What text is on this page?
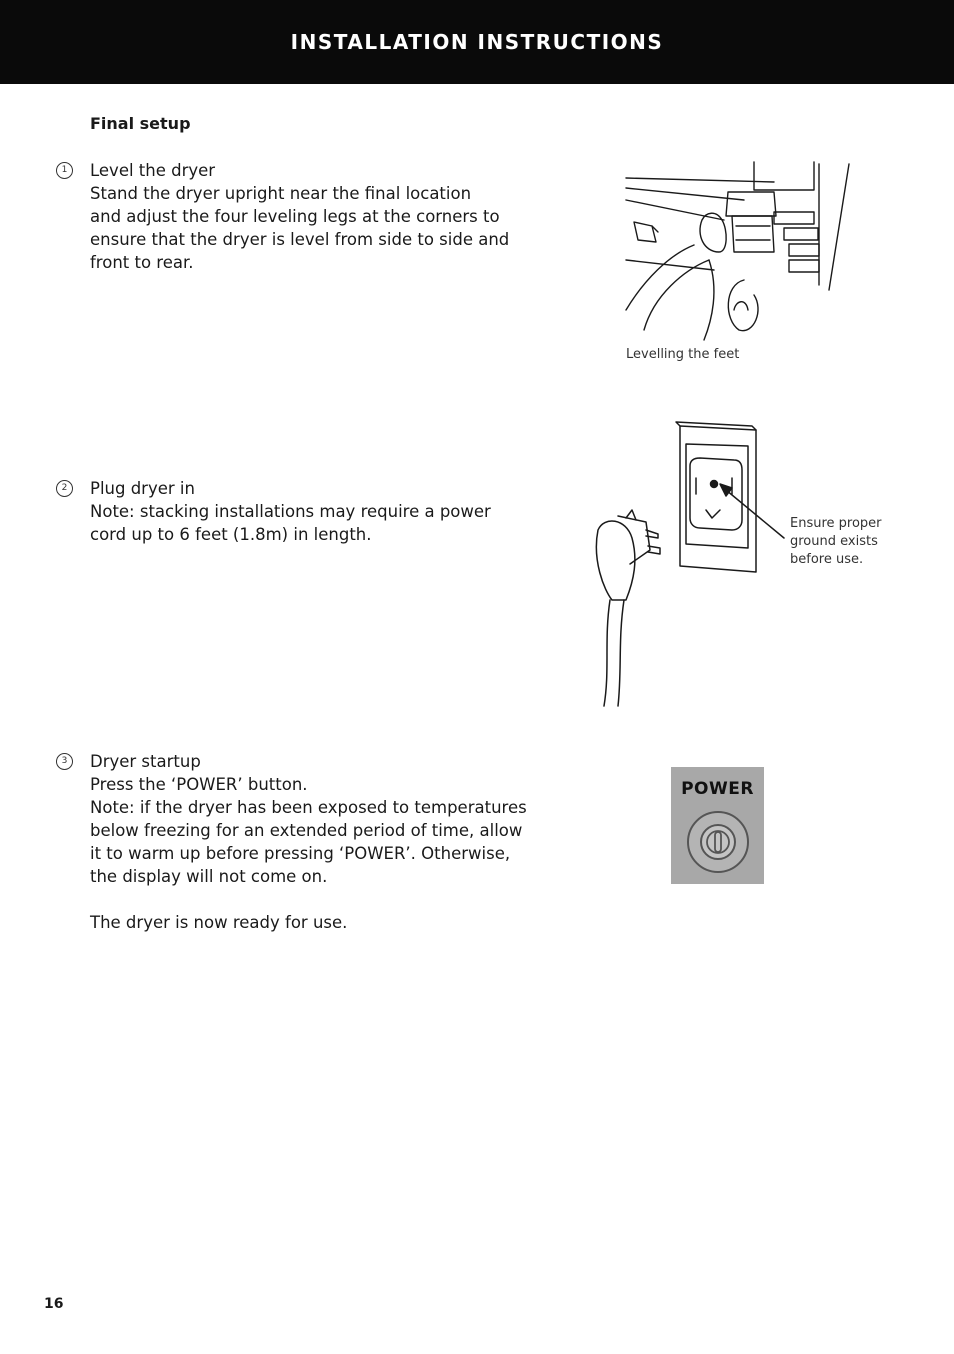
INSTALLATION INSTRUCTIONS
Final setup
1	Level the dryer
Stand the dryer upright near the final location
and adjust the four leveling legs at the corners to
ensure that the dryer is level from side to side and
front to rear.
2	Plug dryer in
Note: stacking installations may require a power
cord up to 6 feet (1.8m) in length.
3	Dryer startup
Press the ‘POWER’ button.
Note: if the dryer has been exposed to temperatures
below freezing for an extended period of time, allow
it to warm up before pressing ‘POWER’. Otherwise,
the display will not come on.
The dryer is now ready for use.
Levelling the feet
Ensure proper
ground exists
before use.
POWER
16
